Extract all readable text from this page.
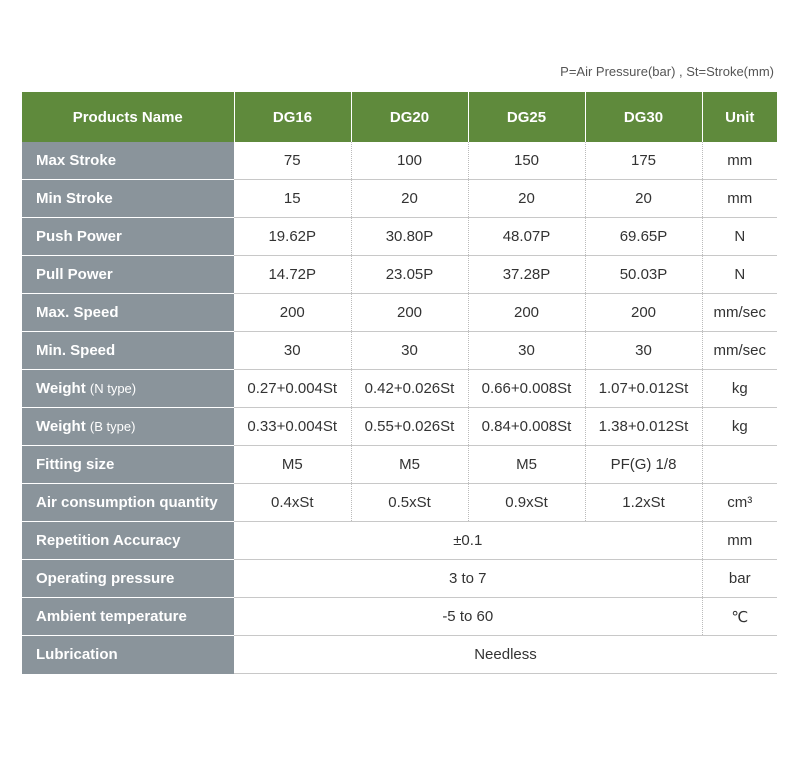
P=Air Pressure(bar) , St=Stroke(mm)
Products Name	DG16	DG20	DG25	DG30	Unit
Max Stroke	75	100	150	175	mm
Min Stroke	15	20	20	20	mm
Push Power	19.62P	30.80P	48.07P	69.65P	N
Pull Power	14.72P	23.05P	37.28P	50.03P	N
Max. Speed	200	200	200	200	mm/sec
Min. Speed	30	30	30	30	mm/sec
Weight (N type)	0.27+0.004St	0.42+0.026St	0.66+0.008St	1.07+0.012St	kg
Weight (B type)	0.33+0.004St	0.55+0.026St	0.84+0.008St	1.38+0.012St	kg
Fitting size	M5	M5	M5	PF(G) 1/8	
Air consumption quantity	0.4xSt	0.5xSt	0.9xSt	1.2xSt	cm³
Repetition Accuracy	±0.1				mm
Operating pressure	3 to 7				bar
Ambient temperature	-5 to 60				℃
Lubrication	Needless				
